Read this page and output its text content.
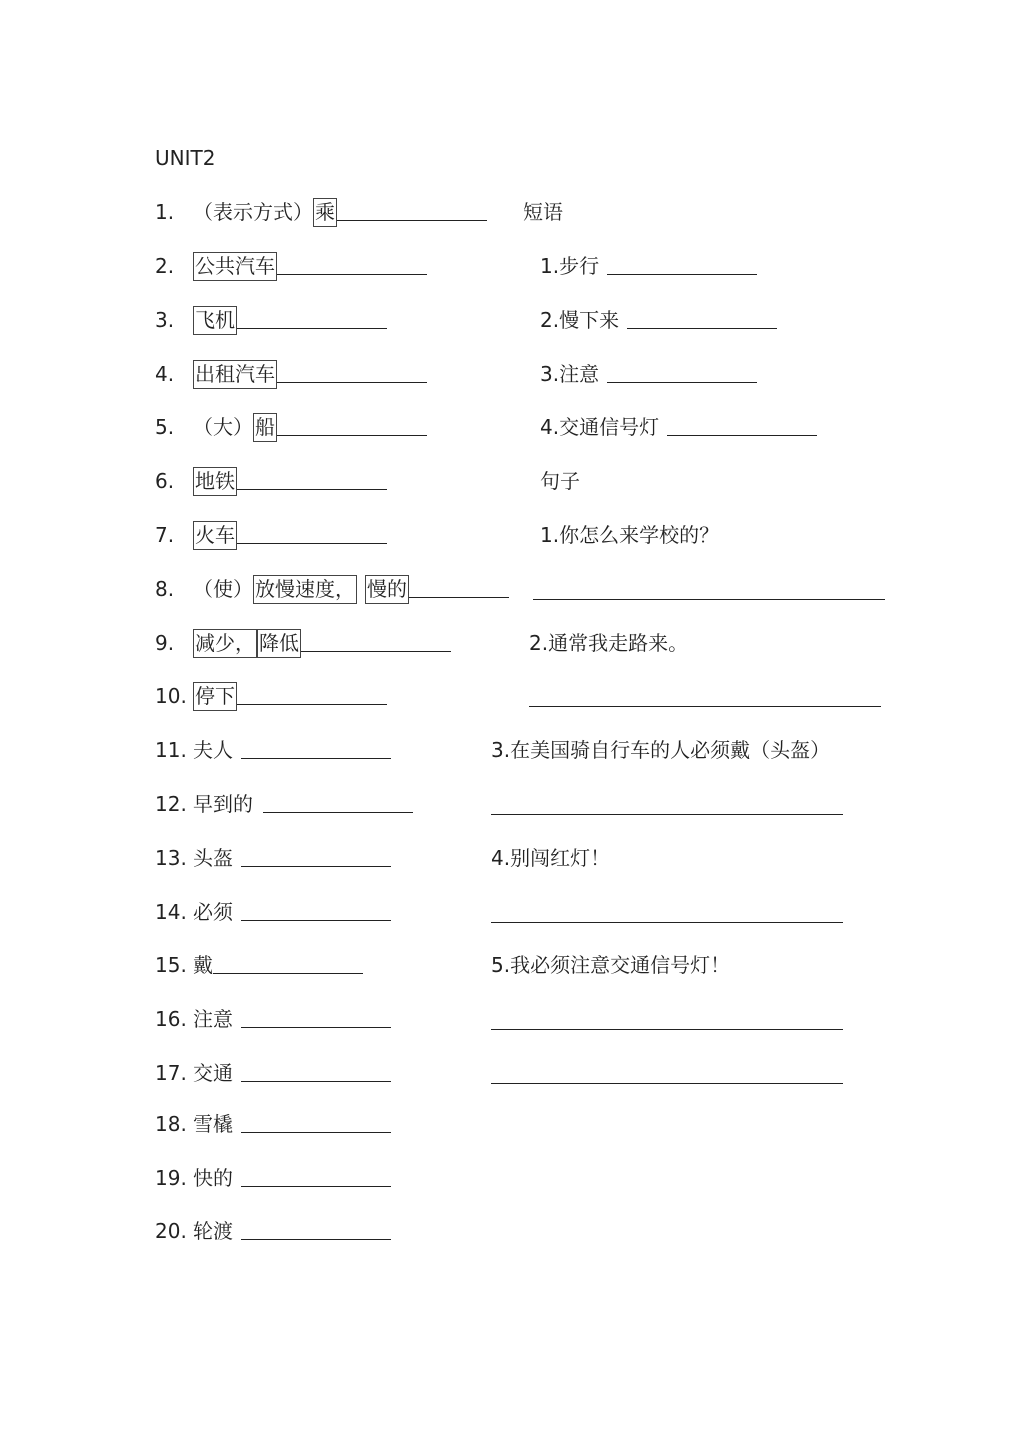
UNIT2
1. （表示方式） 乘
2. 公共汽车
3. 飞机
4. 出租汽车
5. （大） 船
6. 地铁
7. 火车
8. （使） 放慢速度， 慢的
9. 减少， 降低
10. 停下
11. 夫人
12. 早到的
13. 头盔
14. 必须
15. 戴
16. 注意
17. 交通
18. 雪橇
19. 快的
20. 轮渡
短语
1.步行
2.慢下来
3.注意
4.交通信号灯
句子
1.你怎么来学校的？
2.通常我走路来。
3.在美国骑自行车的人必须戴（头盔）
4.别闯红灯！
5.我必须注意交通信号灯！
